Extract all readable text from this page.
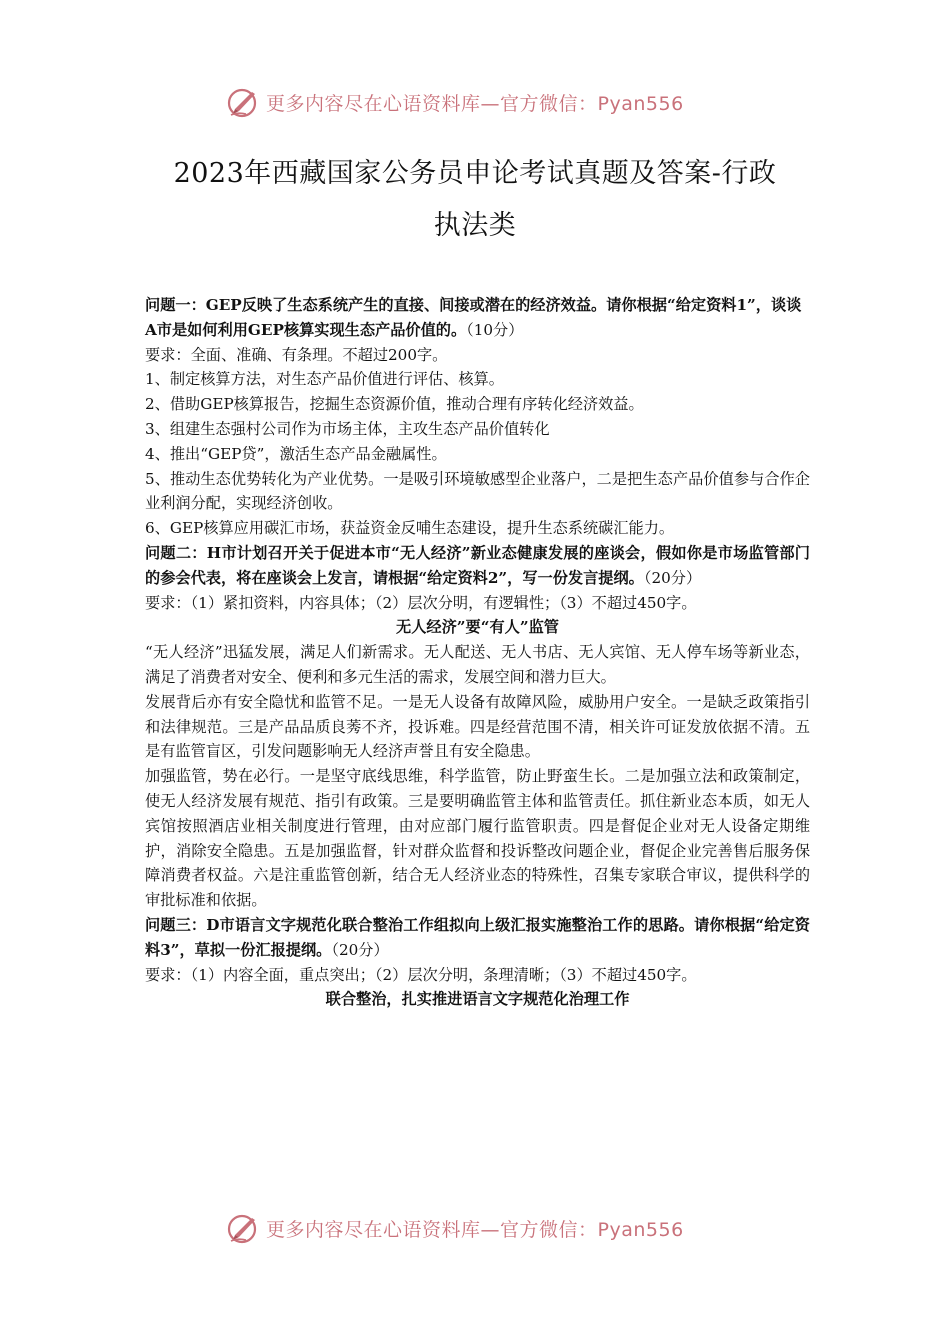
更多内容尽在心语资料库—官方微信：Pyan556
2023年西藏国家公务员申论考试真题及答案-行政
执法类

问题一：GEP反映了生态系统产生的直接、间接或潜在的经济效益。请你根据“给定资料1”，谈谈A市是如何利用GEP核算实现生态产品价值的。（10分）

要求：全面、准确、有条理。不超过200字。

1、制定核算方法，对生态产品价值进行评估、核算。

2、借助GEP核算报告，挖掘生态资源价值，推动合理有序转化经济效益。

3、组建生态强村公司作为市场主体，主攻生态产品价值转化

4、推出“GEP贷”，激活生态产品金融属性。

5、推动生态优势转化为产业优势。一是吸引环境敏感型企业落户，二是把生态产品价值参与合作企业利润分配，实现经济创收。

6、GEP核算应用碳汇市场，获益资金反哺生态建设，提升生态系统碳汇能力。

问题二：H市计划召开关于促进本市“无人经济”新业态健康发展的座谈会，假如你是市场监管部门的参会代表，将在座谈会上发言，请根据“给定资料2”，写一份发言提纲。（20分）

要求：（1）紧扣资料，内容具体；（2）层次分明，有逻辑性；（3）不超过450字。

无人经济”要“有人”监管

“无人经济”迅猛发展，满足人们新需求。无人配送、无人书店、无人宾馆、无人停车场等新业态，满足了消费者对安全、便利和多元生活的需求，发展空间和潜力巨大。

发展背后亦有安全隐忧和监管不足。一是无人设备有故障风险，威胁用户安全。一是缺乏政策指引和法律规范。三是产品品质良莠不齐，投诉难。四是经营范围不清，相关许可证发放依据不清。五是有监管盲区，引发问题影响无人经济声誉且有安全隐患。

加强监管，势在必行。一是坚守底线思维，科学监管，防止野蛮生长。二是加强立法和政策制定，使无人经济发展有规范、指引有政策。三是要明确监管主体和监管责任。抓住新业态本质，如无人宾馆按照酒店业相关制度进行管理，由对应部门履行监管职责。四是督促企业对无人设备定期维护，消除安全隐患。五是加强监督，针对群众监督和投诉整改问题企业，督促企业完善售后服务保障消费者权益。六是注重监管创新，结合无人经济业态的特殊性，召集专家联合审议，提供科学的审批标准和依据。

问题三：D市语言文字规范化联合整治工作组拟向上级汇报实施整治工作的思路。请你根据“给定资料3”，草拟一份汇报提纲。（20分）

要求：（1）内容全面，重点突出；（2）层次分明，条理清晰；（3）不超过450字。

联合整治，扎实推进语言文字规范化治理工作

更多内容尽在心语资料库—官方微信：Pyan556
